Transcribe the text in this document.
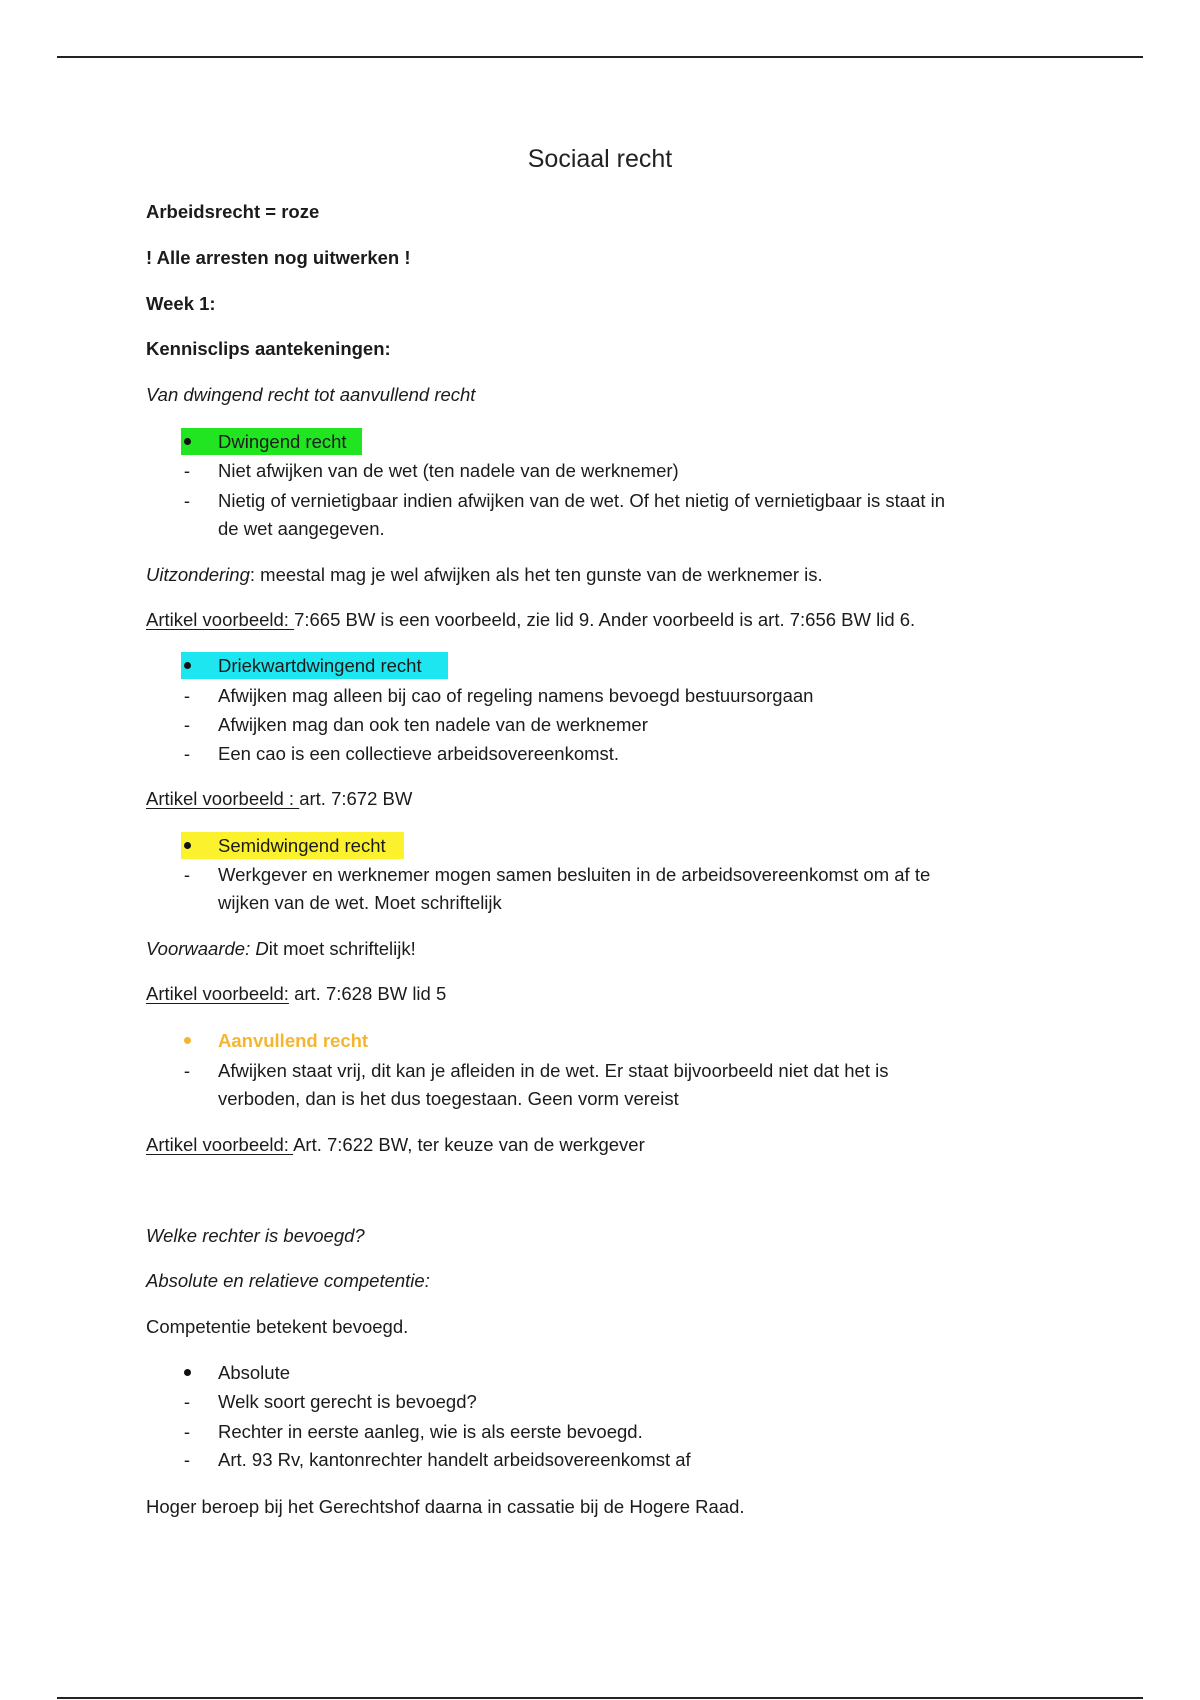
Sociaal recht
Arbeidsrecht = roze
! Alle arresten nog uitwerken !
Week 1:
Kennisclips aantekeningen:
Van dwingend recht tot aanvullend recht
Dwingend recht
- Niet afwijken van de wet (ten nadele van de werknemer)
- Nietig of vernietigbaar indien afwijken van de wet. Of het nietig of vernietigbaar is staat in
de wet aangegeven.
Uitzondering: meestal mag je wel afwijken als het ten gunste van de werknemer is.
Artikel voorbeeld: 7:665 BW is een voorbeeld, zie lid 9. Ander voorbeeld is art. 7:656 BW lid 6.
Driekwartdwingend recht
- Afwijken mag alleen bij cao of regeling namens bevoegd bestuursorgaan
- Afwijken mag dan ook ten nadele van de werknemer
- Een cao is een collectieve arbeidsovereenkomst.
Artikel voorbeeld : art. 7:672 BW
Semidwingend recht
- Werkgever en werknemer mogen samen besluiten in de arbeidsovereenkomst om af te
wijken van de wet. Moet schriftelijk
Voorwaarde: Dit moet schriftelijk!
Artikel voorbeeld: art. 7:628 BW lid 5
Aanvullend recht
- Afwijken staat vrij, dit kan je afleiden in de wet. Er staat bijvoorbeeld niet dat het is
verboden, dan is het dus toegestaan. Geen vorm vereist
Artikel voorbeeld: Art. 7:622 BW, ter keuze van de werkgever
Welke rechter is bevoegd?
Absolute en relatieve competentie:
Competentie betekent bevoegd.
Absolute
- Welk soort gerecht is bevoegd?
- Rechter in eerste aanleg, wie is als eerste bevoegd.
- Art. 93 Rv, kantonrechter handelt arbeidsovereenkomst af
Hoger beroep bij het Gerechtshof daarna in cassatie bij de Hogere Raad.
